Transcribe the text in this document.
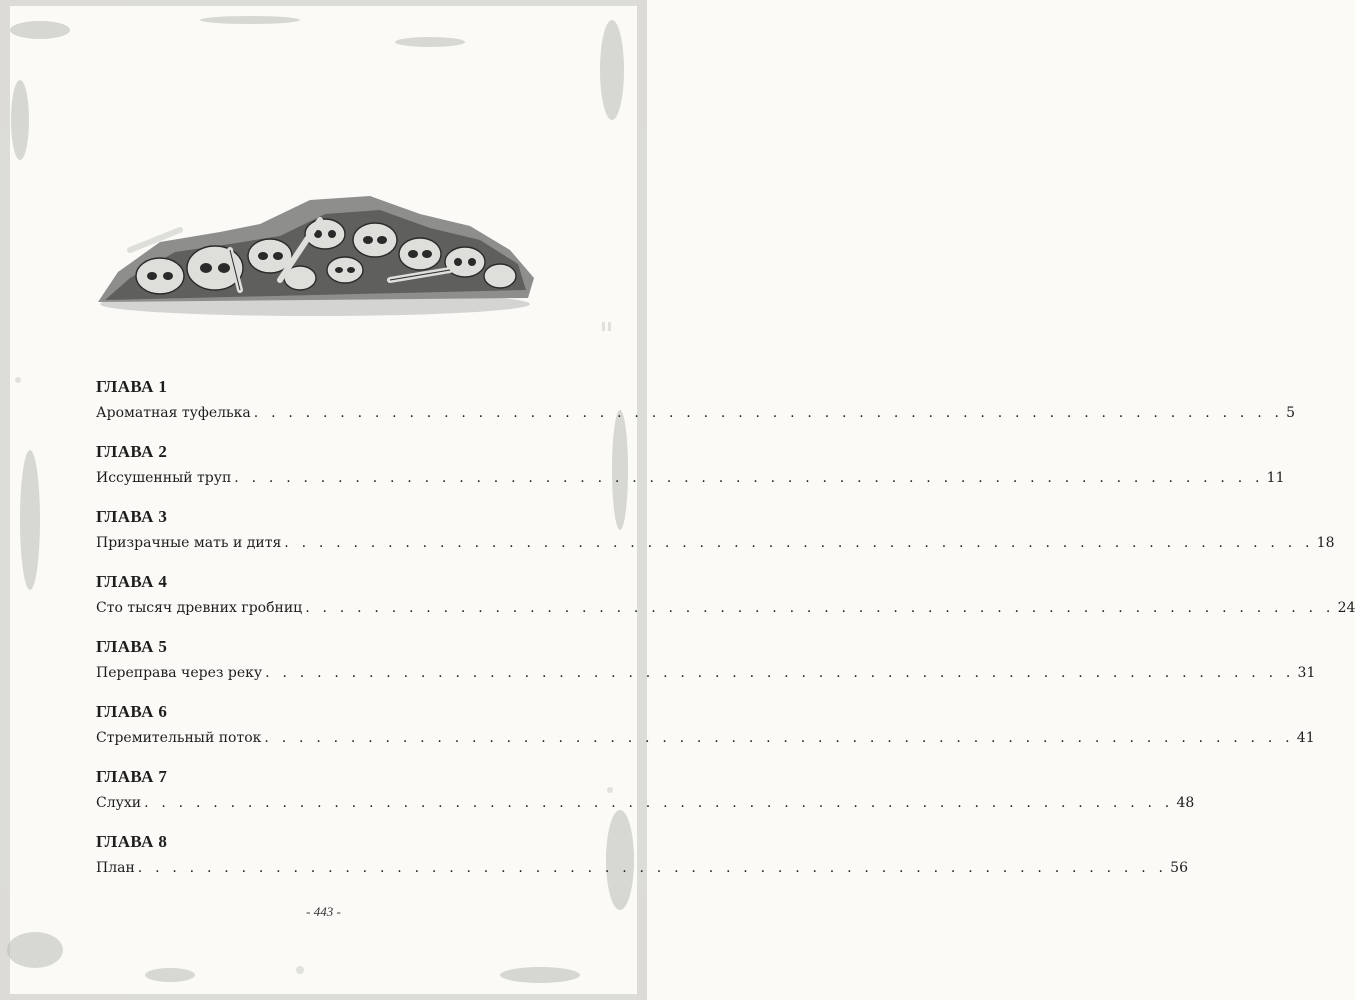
ГЛАВА 1
Ароматная туфелька . . . . . . . . . . . . . . . . . . . . . . . . . . . . . . . . . . . . . . . . . . . . . . . . . . . . . . . . . . . . 5
ГЛАВА 2
Иссушенный труп . . . . . . . . . . . . . . . . . . . . . . . . . . . . . . . . . . . . . . . . . . . . . . . . . . . . . . . . . . . . 11
ГЛАВА 3
Призрачные мать и дитя . . . . . . . . . . . . . . . . . . . . . . . . . . . . . . . . . . . . . . . . . . . . . . . . . . . . . . . . . . . . 18
ГЛАВА 4
Сто тысяч древних гробниц . . . . . . . . . . . . . . . . . . . . . . . . . . . . . . . . . . . . . . . . . . . . . . . . . . . . . . . . . . . . 24
ГЛАВА 5
Переправа через реку . . . . . . . . . . . . . . . . . . . . . . . . . . . . . . . . . . . . . . . . . . . . . . . . . . . . . . . . . . . . 31
ГЛАВА 6
Стремительный поток . . . . . . . . . . . . . . . . . . . . . . . . . . . . . . . . . . . . . . . . . . . . . . . . . . . . . . . . . . . . 41
ГЛАВА 7
Слухи . . . . . . . . . . . . . . . . . . . . . . . . . . . . . . . . . . . . . . . . . . . . . . . . . . . . . . . . . . . . 48
ГЛАВА 8
План . . . . . . . . . . . . . . . . . . . . . . . . . . . . . . . . . . . . . . . . . . . . . . . . . . . . . . . . . . . . 56
- 443 -
